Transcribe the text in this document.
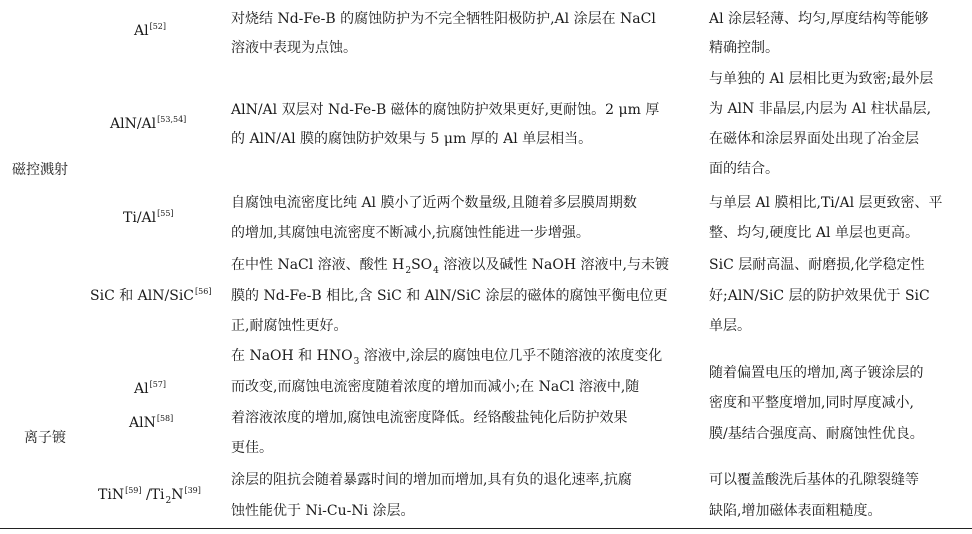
磁控溅射
离子镀
Al[52]	对烧结 Nd-Fe-B 的腐蚀防护为不完全牺牲阳极防护,Al 涂层在 NaCl
溶液中表现为点蚀。
Al 涂层轻薄、均匀,厚度结构等能够
精确控制。
AlN/Al[53,54]
AlN/Al 双层对 Nd-Fe-B 磁体的腐蚀防护效果更好,更耐蚀。2 μm 厚
的 AlN/Al 膜的腐蚀防护效果与 5 μm 厚的 Al 单层相当。
与单独的 Al 层相比更为致密;最外层
为 AlN 非晶层,内层为 Al 柱状晶层,
在磁体和涂层界面处出现了冶金层
面的结合。
Ti/Al[55]
自腐蚀电流密度比纯 Al 膜小了近两个数量级,且随着多层膜周期数
的增加,其腐蚀电流密度不断减小,抗腐蚀性能进一步增强。
与单层 Al 膜相比,Ti/Al 层更致密、平
整、均匀,硬度比 Al 单层也更高。
SiC 和 AlN/SiC[56]
在中性 NaCl 溶液、酸性 $H_2SO_4$ 溶液以及碱性 NaOH 溶液中,与未镀
膜的 Nd-Fe-B 相比,含 SiC 和 AlN/SiC 涂层的磁体的腐蚀平衡电位更
正,耐腐蚀性更好。
SiC 层耐高温、耐磨损,化学稳定性
好;AlN/SiC 层的防护效果优于 SiC
单层。
Al[57]
AlN[58]
在 NaOH 和 $HNO_3$ 溶液中,涂层的腐蚀电位几乎不随溶液的浓度变化
而改变,而腐蚀电流密度随着浓度的增加而减小;在 NaCl 溶液中,随
着溶液浓度的增加,腐蚀电流密度降低。经铬酸盐钝化后防护效果
更佳。
随着偏置电压的增加,离子镀涂层的
密度和平整度增加,同时厚度减小,
膜/基结合强度高、耐腐蚀性优良。
TiN[59] $/Ti_2N[39]$
涂层的阻抗会随着暴露时间的增加而增加,具有负的退化速率,抗腐
蚀性能优于 Ni-Cu-Ni 涂层。
可以覆盖酸洗后基体的孔隙裂缝等
缺陷,增加磁体表面粗糙度。
